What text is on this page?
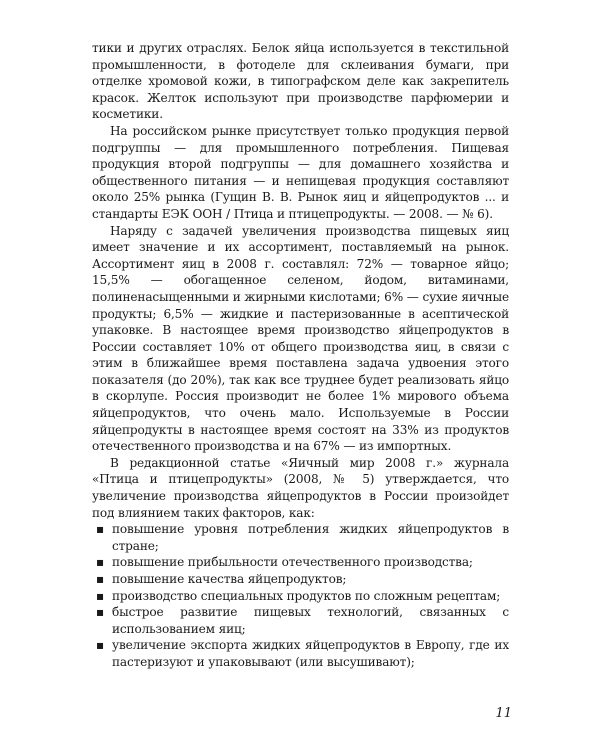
тики и других отраслях. Белок яйца используется в текстильной промышленности, в фотоделе для склеивания бумаги, при отделке хромовой кожи, в типографском деле как закрепитель красок. Желток используют при производстве парфюмерии и косметики.

На российском рынке присутствует только продукция первой подгруппы — для промышленного потребления. Пищевая продукция второй подгруппы — для домашнего хозяйства и общественного питания — и непищевая продукция составляют около 25% рынка (Гущин В. В. Рынок яиц и яйцепродуктов ... и стандарты ЕЭК ООН / Птица и птицепродукты. — 2008. — № 6).

Наряду с задачей увеличения производства пищевых яиц имеет значение и их ассортимент, поставляемый на рынок. Ассортимент яиц в 2008 г. составлял: 72% — товарное яйцо; 15,5% — обогащенное селеном, йодом, витаминами, полиненасыщенными и жирными кислотами; 6% — сухие яичные продукты; 6,5% — жидкие и пастеризованные в асептической упаковке. В настоящее время производство яйцепродуктов в России составляет 10% от общего производства яиц, в связи с этим в ближайшее время поставлена задача удвоения этого показателя (до 20%), так как все труднее будет реализовать яйцо в скорлупе. Россия производит не более 1% мирового объема яйцепродуктов, что очень мало. Используемые в России яйцепродукты в настоящее время состоят на 33% из продуктов отечественного производства и на 67% — из импортных.

В редакционной статье «Яичный мир 2008 г.» журнала «Птица и птицепродукты» (2008, № 5) утверждается, что увеличение производства яйцепродуктов в России произойдет под влиянием таких факторов, как:

▪ повышение уровня потребления жидких яйцепродуктов в стране;
▪ повышение прибыльности отечественного производства;
▪ повышение качества яйцепродуктов;
▪ производство специальных продуктов по сложным рецептам;
▪ быстрое развитие пищевых технологий, связанных с использованием яиц;
▪ увеличение экспорта жидких яйцепродуктов в Европу, где их пастеризуют и упаковывают (или высушивают);
11
